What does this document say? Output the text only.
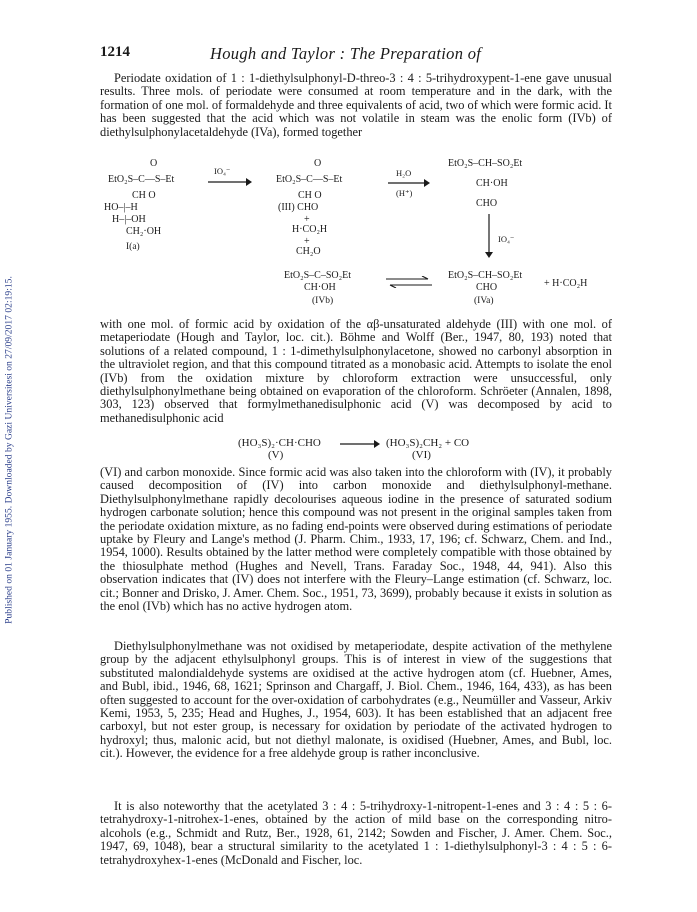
Published on 01 January 1955. Downloaded by Gazi Universitesi on 27/09/2017 02:19:15.
1214	Hough and Taylor : The Preparation of

Periodate oxidation of 1 : 1-diethylsulphonyl-D-threo-3 : 4 : 5-trihydroxypent-1-ene gave unusual results. Three mols. of periodate were consumed at room temperature and in the dark, with the formation of one mol. of formaldehyde and three equivalents of acid, two of which were formic acid. It has been suggested that the acid which was not volatile in steam was the enolic form (IVb) of diethylsulphonylacetaldehyde (IVa), formed together

O
EtO₂S–C—S–Et
CH O
HO–|–H
H–|–OH
CH₂·OH
I(a)
IO₄⁻
O
EtO₂S–C—S–Et
CH O
(III) CHO
+
H·CO₂H
+
CH₂O
H₂O
(H⁺)
EtO₂S–CH–SO₂Et
CH·OH
CHO
IO₄⁻
EtO₂S–C–SO₂Et
CH·OH
(IVb)
EtO₂S–CH–SO₂Et
CHO
(IVa)
+ H·CO₂H

with one mol. of formic acid by oxidation of the αβ-unsaturated aldehyde (III) with one mol. of metaperiodate (Hough and Taylor, loc. cit.). Böhme and Wolff (Ber., 1947, 80, 193) noted that solutions of a related compound, 1 : 1-dimethylsulphonylacetone, showed no carbonyl absorption in the ultraviolet region, and that this compound titrated as a monobasic acid. Attempts to isolate the enol (IVb) from the oxidation mixture by chloroform extraction were unsuccessful, only diethylsulphonylmethane being obtained on evaporation of the chloroform. Schröeter (Annalen, 1898, 303, 123) observed that formylmethanedisulphonic acid (V) was decomposed by acid to methanedisulphonic acid

(HO₃S)₂·CH·CHO	(HO₃S)₂CH₂ + CO
(V)	(VI)

(VI) and carbon monoxide. Since formic acid was also taken into the chloroform with (IV), it probably caused decomposition of (IV) into carbon monoxide and diethylsulphonyl-methane. Diethylsulphonylmethane rapidly decolourises aqueous iodine in the presence of saturated sodium hydrogen carbonate solution; hence this compound was not present in the original samples taken from the periodate oxidation mixture, as no fading end-points were observed during estimations of periodate uptake by Fleury and Lange's method (J. Pharm. Chim., 1933, 17, 196; cf. Schwarz, Chem. and Ind., 1954, 1000). Results obtained by the latter method were completely compatible with those obtained by the thiosulphate method (Hughes and Nevell, Trans. Faraday Soc., 1948, 44, 941). Also this observation indicates that (IV) does not interfere with the Fleury–Lange estimation (cf. Schwarz, loc. cit.; Bonner and Drisko, J. Amer. Chem. Soc., 1951, 73, 3699), probably because it exists in solution as the enol (IVb) which has no active hydrogen atom.

Diethylsulphonylmethane was not oxidised by metaperiodate, despite activation of the methylene group by the adjacent ethylsulphonyl groups. This is of interest in view of the suggestions that substituted malondialdehyde systems are oxidised at the active hydrogen atom (cf. Huebner, Ames, and Bubl, ibid., 1946, 68, 1621; Sprinson and Chargaff, J. Biol. Chem., 1946, 164, 433), as has been often suggested to account for the over-oxidation of carbohydrates (e.g., Neumüller and Vasseur, Arkiv Kemi, 1953, 5, 235; Head and Hughes, J., 1954, 603). It has been established that an adjacent free carboxyl, but not ester group, is necessary for oxidation by periodate of the activated hydrogen to hydroxyl; thus, malonic acid, but not diethyl malonate, is oxidised (Huebner, Ames, and Bubl, loc. cit.). However, the evidence for a free aldehyde group is rather inconclusive.

It is also noteworthy that the acetylated 3 : 4 : 5-trihydroxy-1-nitropent-1-enes and 3 : 4 : 5 : 6-tetrahydroxy-1-nitrohex-1-enes, obtained by the action of mild base on the corresponding nitro-alcohols (e.g., Schmidt and Rutz, Ber., 1928, 61, 2142; Sowden and Fischer, J. Amer. Chem. Soc., 1947, 69, 1048), bear a structural similarity to the acetylated 1 : 1-diethylsulphonyl-3 : 4 : 5 : 6-tetrahydroxyhex-1-enes (McDonald and Fischer, loc.
